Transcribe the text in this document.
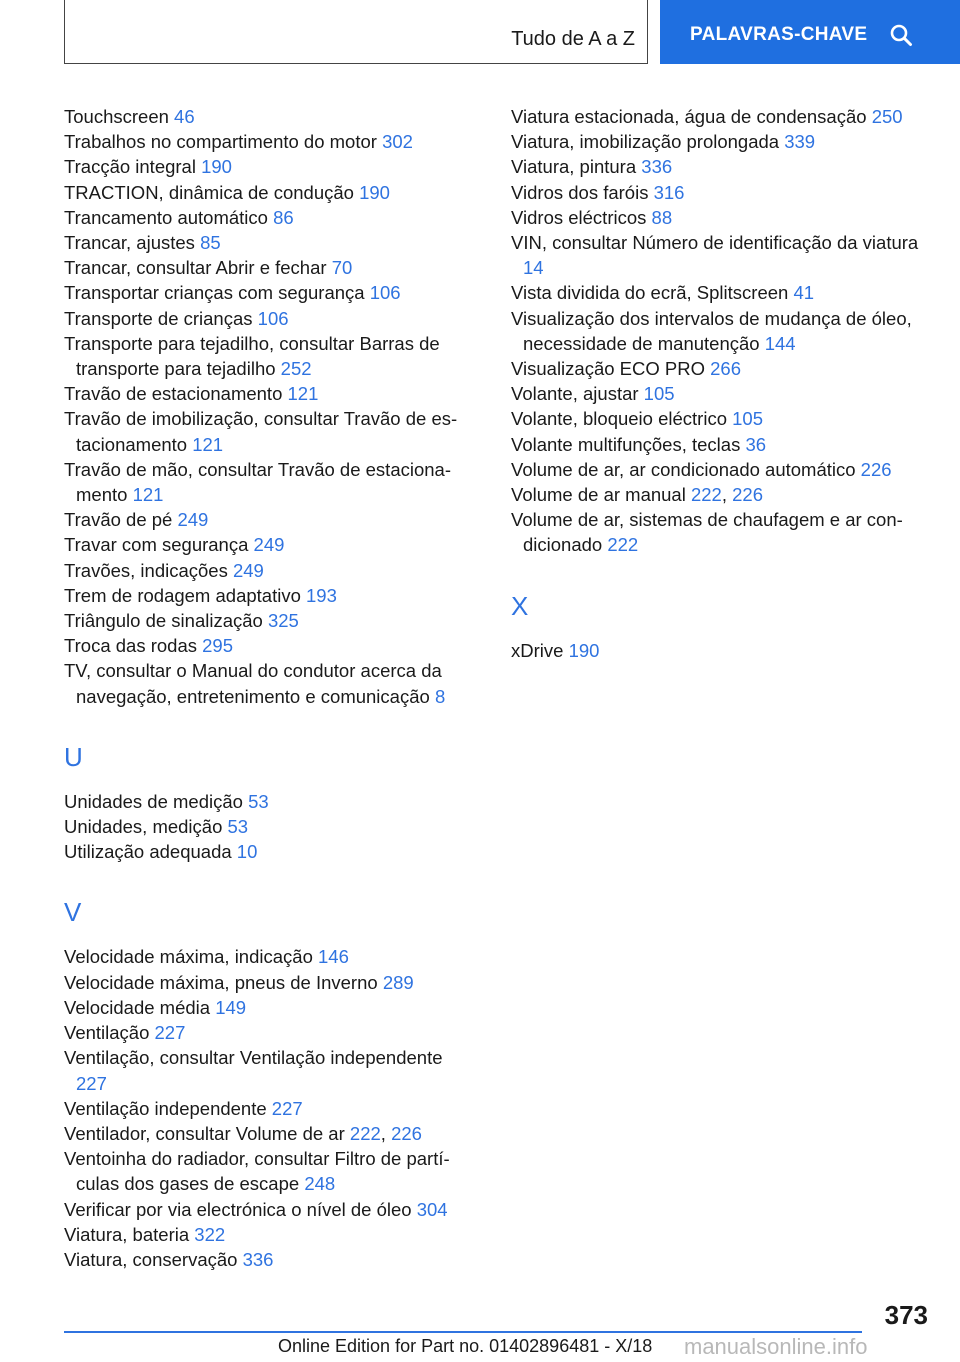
Tudo de A a Z	PALAVRAS-CHAVE
Touchscreen 46
Trabalhos no compartimento do motor 302
Tracção integral 190
TRACTION, dinâmica de condução 190
Trancamento automático 86
Trancar, ajustes 85
Trancar, consultar Abrir e fechar 70
Transportar crianças com segurança 106
Transporte de crianças 106
Transporte para tejadilho, consultar Barras de transporte para tejadilho 252
Travão de estacionamento 121
Travão de imobilização, consultar Travão de estacionamento 121
Travão de mão, consultar Travão de estacionamento 121
Travão de pé 249
Travar com segurança 249
Travões, indicações 249
Trem de rodagem adaptativo 193
Triângulo de sinalização 325
Troca das rodas 295
TV, consultar o Manual do condutor acerca da navegação, entretenimento e comunicação 8
U
Unidades de medição 53
Unidades, medição 53
Utilização adequada 10
V
Velocidade máxima, indicação 146
Velocidade máxima, pneus de Inverno 289
Velocidade média 149
Ventilação 227
Ventilação, consultar Ventilação independente 227
Ventilação independente 227
Ventilador, consultar Volume de ar 222, 226
Ventoinha do radiador, consultar Filtro de partículas dos gases de escape 248
Verificar por via electrónica o nível de óleo 304
Viatura, bateria 322
Viatura, conservação 336
Viatura estacionada, água de condensação 250
Viatura, imobilização prolongada 339
Viatura, pintura 336
Vidros dos faróis 316
Vidros eléctricos 88
VIN, consultar Número de identificação da viatura 14
Vista dividida do ecrã, Splitscreen 41
Visualização dos intervalos de mudança de óleo, necessidade de manutenção 144
Visualização ECO PRO 266
Volante, ajustar 105
Volante, bloqueio eléctrico 105
Volante multifunções, teclas 36
Volume de ar, ar condicionado automático 226
Volume de ar manual 222, 226
Volume de ar, sistemas de chaufagem e ar condicionado 222
X
xDrive 190
373
Online Edition for Part no. 01402896481 - X/18 manualsonline.info
